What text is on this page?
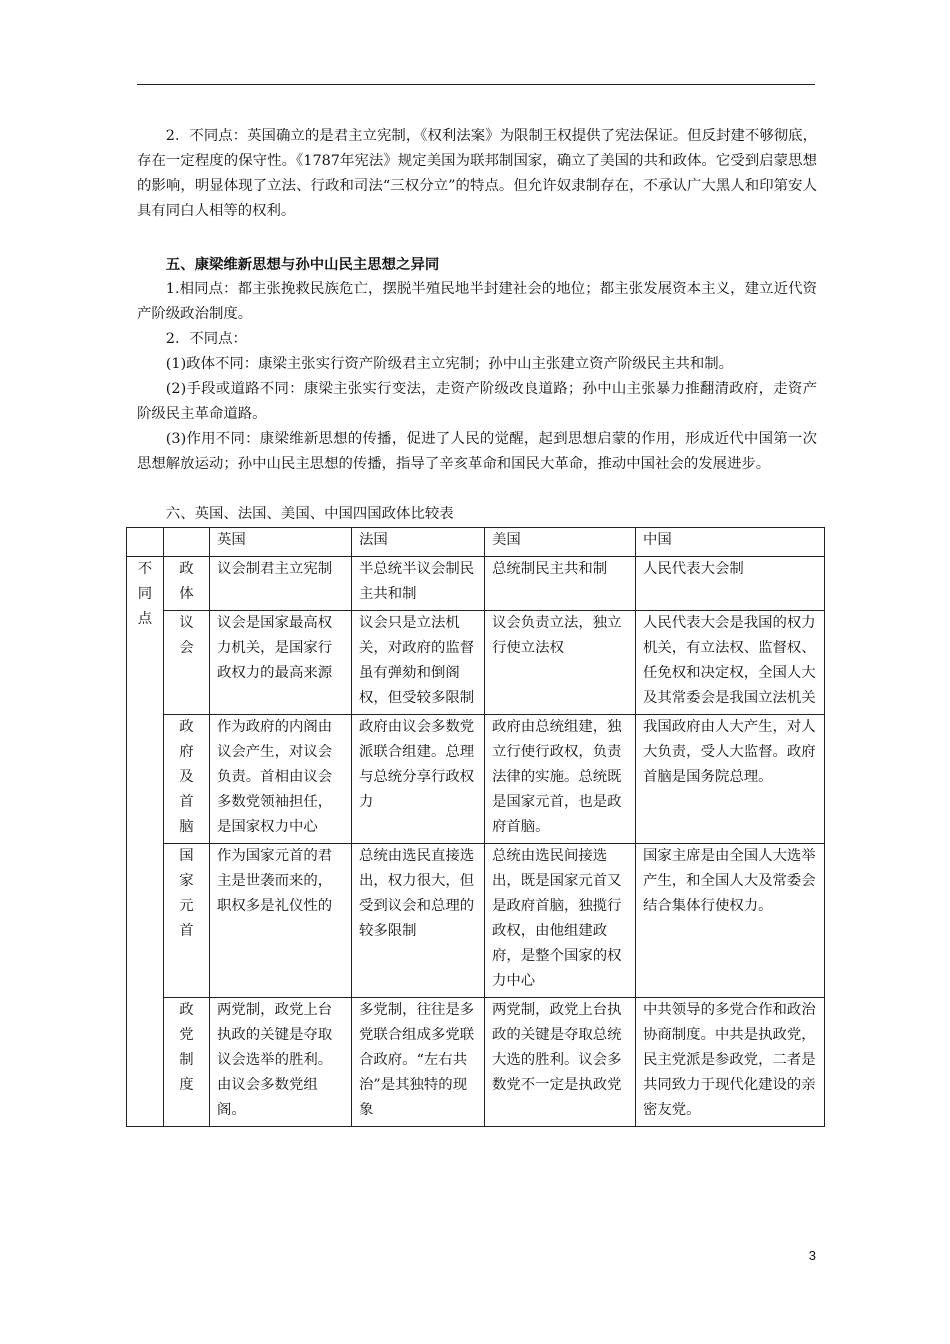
2．不同点：英国确立的是君主立宪制，《权利法案》为限制王权提供了宪法保证。但反封建不够彻底，存在一定程度的保守性。《1787年宪法》规定美国为联邦制国家，确立了美国的共和政体。它受到启蒙思想的影响，明显体现了立法、行政和司法“三权分立”的特点。但允许奴隶制存在，不承认广大黑人和印第安人具有同白人相等的权利。

五、康梁维新思想与孙中山民主思想之异同

1.相同点：都主张挽救民族危亡，摆脱半殖民地半封建社会的地位；都主张发展资本主义，建立近代资产阶级政治制度。

2．不同点：

(1)政体不同：康梁主张实行资产阶级君主立宪制；孙中山主张建立资产阶级民主共和制。

(2)手段或道路不同：康梁主张实行变法，走资产阶级改良道路；孙中山主张暴力推翻清政府，走资产阶级民主革命道路。

(3)作用不同：康梁维新思想的传播，促进了人民的觉醒，起到思想启蒙的作用，形成近代中国第一次思想解放运动；孙中山民主思想的传播，指导了辛亥革命和国民大革命，推动中国社会的发展进步。

六、英国、法国、美国、中国四国政体比较表

		英国	法国	美国	中国

不同点	政体	议会制君主立宪制	半总统半议会制民主共和制	总统制民主共和制	人民代表大会制

	议会	议会是国家最高权力机关，是国家行政权力的最高来源	议会只是立法机关，对政府的监督虽有弹劾和倒阁权，但受较多限制	议会负责立法，独立行使立法权	人民代表大会是我国的权力机关，有立法权、监督权、任免权和决定权，全国人大及其常委会是我国立法机关

	政府及首脑	作为政府的内阁由议会产生，对议会负责。首相由议会多数党领袖担任，是国家权力中心	政府由议会多数党派联合组建。总理与总统分享行政权力	政府由总统组建，独立行使行政权，负责法律的实施。总统既是国家元首，也是政府首脑。	我国政府由人大产生，对人大负责，受人大监督。政府首脑是国务院总理。

	国家元首	作为国家元首的君主是世袭而来的，职权多是礼仪性的	总统由选民直接选出，权力很大，但受到议会和总理的较多限制	总统由选民间接选出，既是国家元首又是政府首脑，独揽行政权，由他组建政府，是整个国家的权力中心	国家主席是由全国人大选举产生，和全国人大及常委会结合集体行使权力。

	政党制度	两党制，政党上台执政的关键是夺取议会选举的胜利。由议会多数党组阁。	多党制，往往是多党联合组成多党联合政府。“左右共治”是其独特的现象	两党制，政党上台执政的关键是夺取总统大选的胜利。议会多数党不一定是执政党	中共领导的多党合作和政治协商制度。中共是执政党，民主党派是参政党，二者是共同致力于现代化建设的亲密友党。
3
